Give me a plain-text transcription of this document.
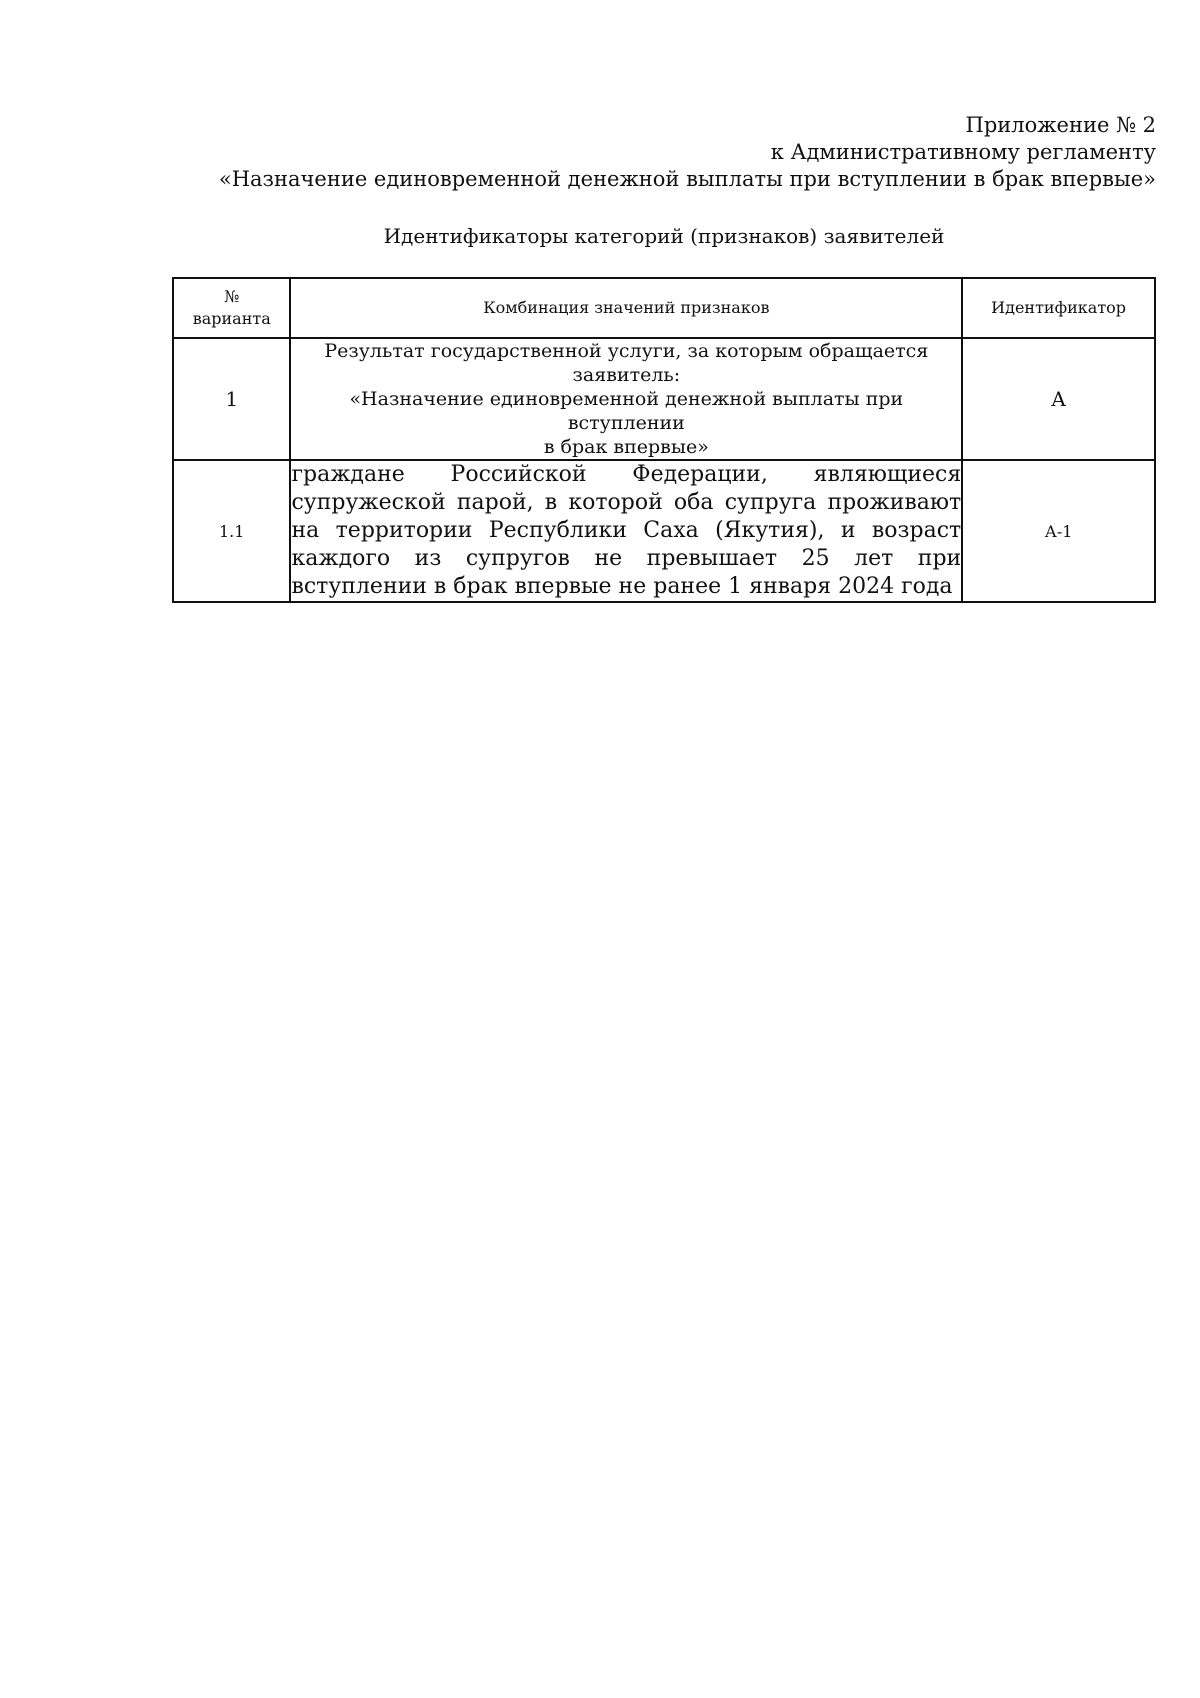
Приложение № 2
к Административному регламенту
«Назначение единовременной денежной выплаты при вступлении в брак впервые»
Идентификаторы категорий (признаков) заявителей
№
варианта	Комбинация значений признаков	Идентификатор
1	Результат государственной услуги, за которым обращается
заявитель:
«Назначение единовременной денежной выплаты при вступлении
в брак впервые»	А
1.1	граждане Российской Федерации, являющиеся супружеской парой, в которой оба супруга проживают на территории Республики Саха (Якутия), и возраст каждого из супругов не превышает 25 лет при вступлении в брак впервые не ранее 1 января 2024 года	А-1
